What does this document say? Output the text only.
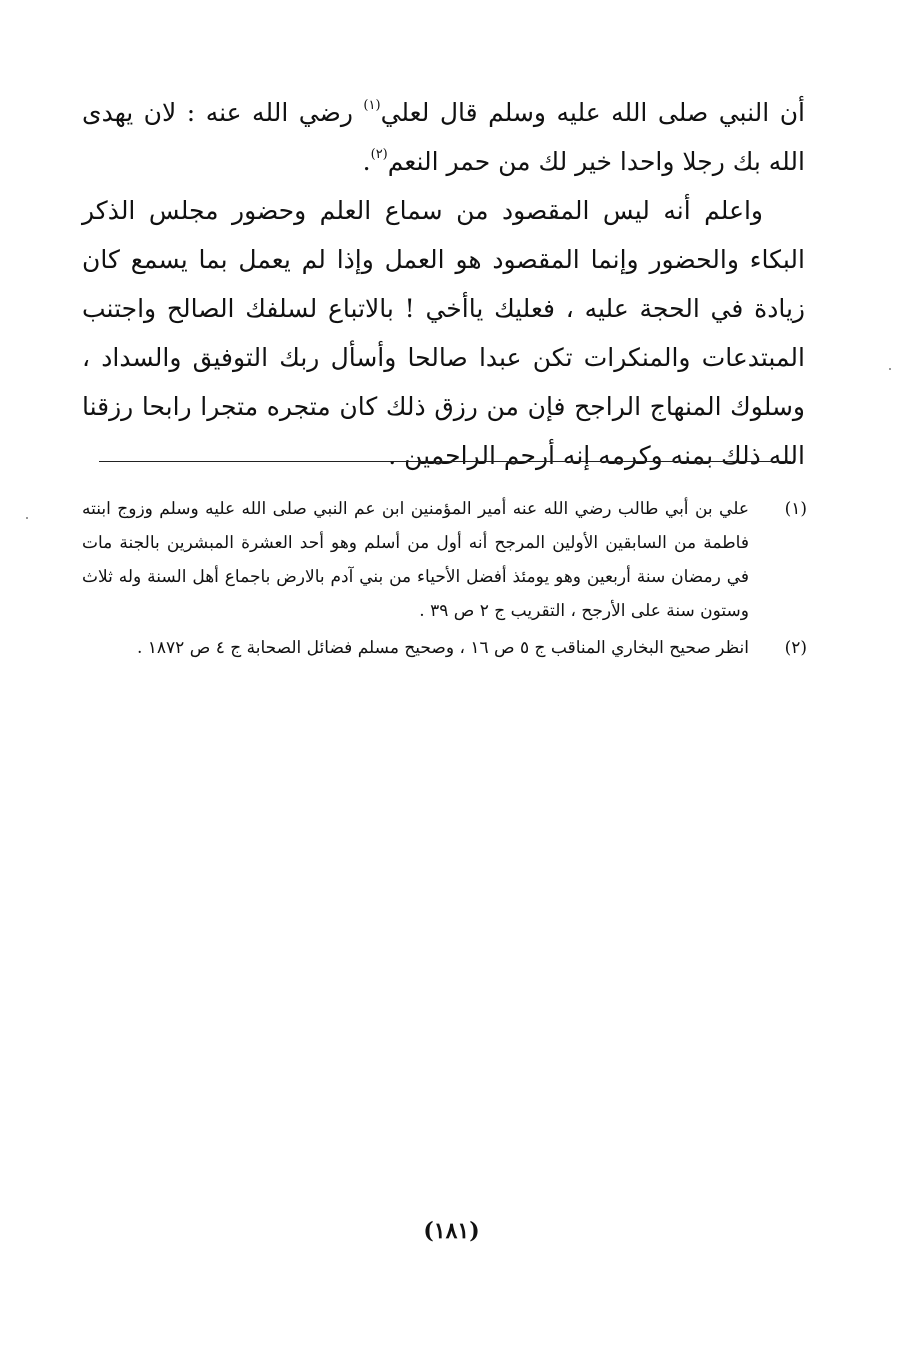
أن النبي صلى الله عليه وسلم قال لعلي$^{(١)}$ رضي الله عنه : لان يهدى الله بك رجلا واحدا خير لك من حمر النعم$^{(٢)}$.

واعلم أنه ليس المقصود من سماع العلم وحضور مجلس الذكر البكاء والحضور وإنما المقصود هو العمل وإذا لم يعمل بما يسمع كان زيادة في الحجة عليه ، فعليك ياأخي ! بالاتباع لسلفك الصالح واجتنب المبتدعات والمنكرات تكن عبدا صالحا وأسأل ربك التوفيق والسداد ، وسلوك المنهاج الراجح فإن من رزق ذلك كان متجره متجرا رابحا رزقنا الله ذلك بمنه وكرمه إنه أرحم الراحمين .

(١)
علي بن أبي طالب رضي الله عنه أمير المؤمنين ابن عم النبي صلى الله عليه وسلم وزوج ابنته فاطمة من السابقين الأولين المرجح أنه أول من أسلم وهو أحد العشرة المبشرين بالجنة مات في رمضان سنة أربعين وهو يومئذ أفضل الأحياء من بني آدم بالارض باجماع أهل السنة وله ثلاث وستون سنة على الأرجح ، التقريب ج ٢ ص ٣٩ .
(٢)
انظر صحيح البخاري المناقب ج ٥ ص ١٦ ، وصحيح مسلم فضائل الصحابة ج ٤ ص ١٨٧٢ .
(١٨١)
